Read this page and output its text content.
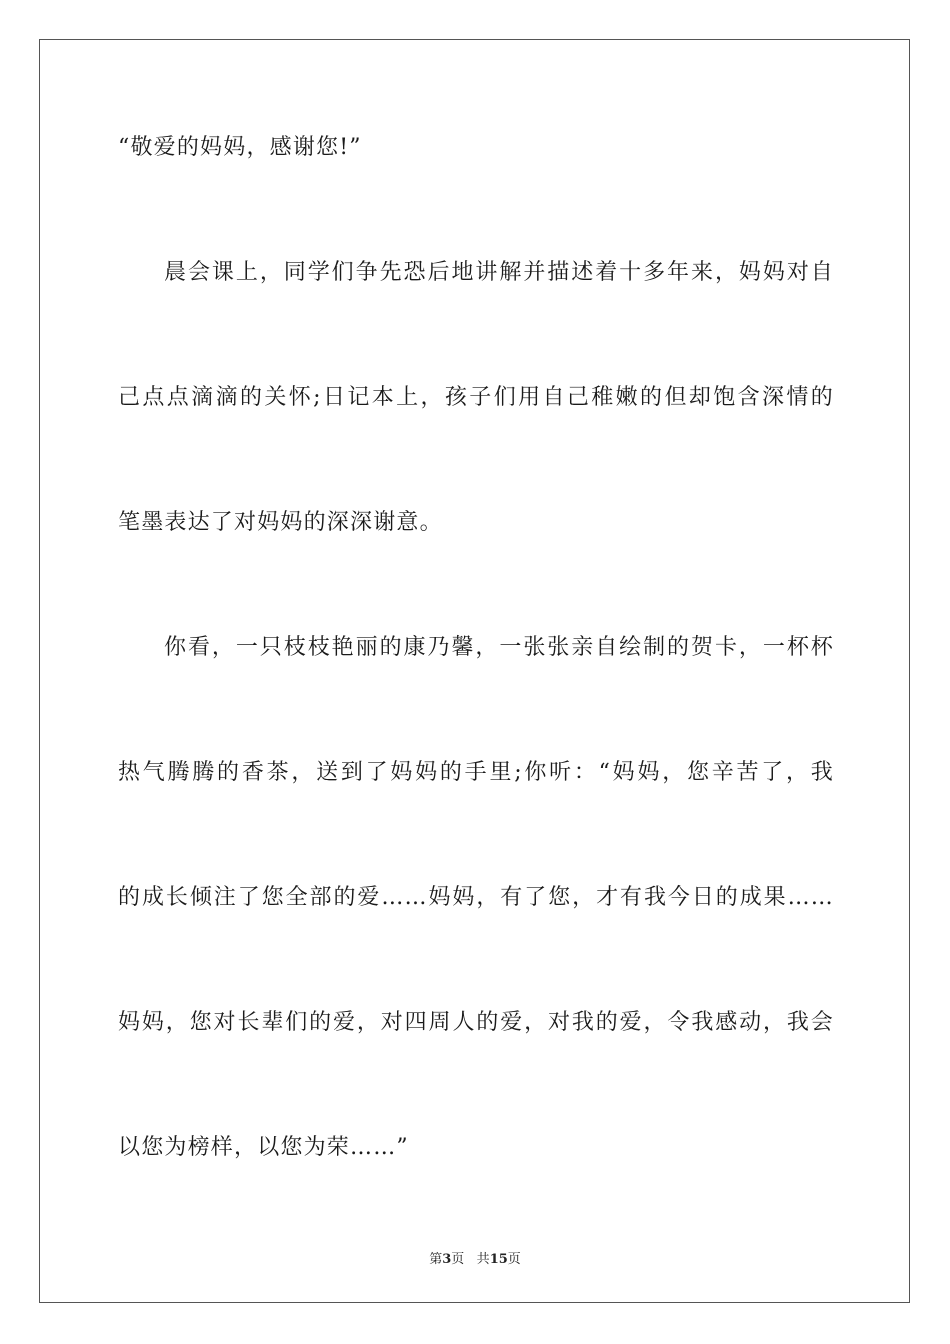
“敬爱的妈妈，感谢您!”
晨会课上，同学们争先恐后地讲解并描述着十多年来，妈妈对自
己点点滴滴的关怀;日记本上，孩子们用自己稚嫩的但却饱含深情的
笔墨表达了对妈妈的深深谢意。
你看，一只枝枝艳丽的康乃馨，一张张亲自绘制的贺卡，一杯杯
热气腾腾的香茶，送到了妈妈的手里;你听：“妈妈，您辛苦了，我
的成长倾注了您全部的爱……妈妈，有了您，才有我今日的成果……
妈妈，您对长辈们的爱，对四周人的爱，对我的爱，令我感动，我会
以您为榜样，以您为荣……”
第3页 共15页
